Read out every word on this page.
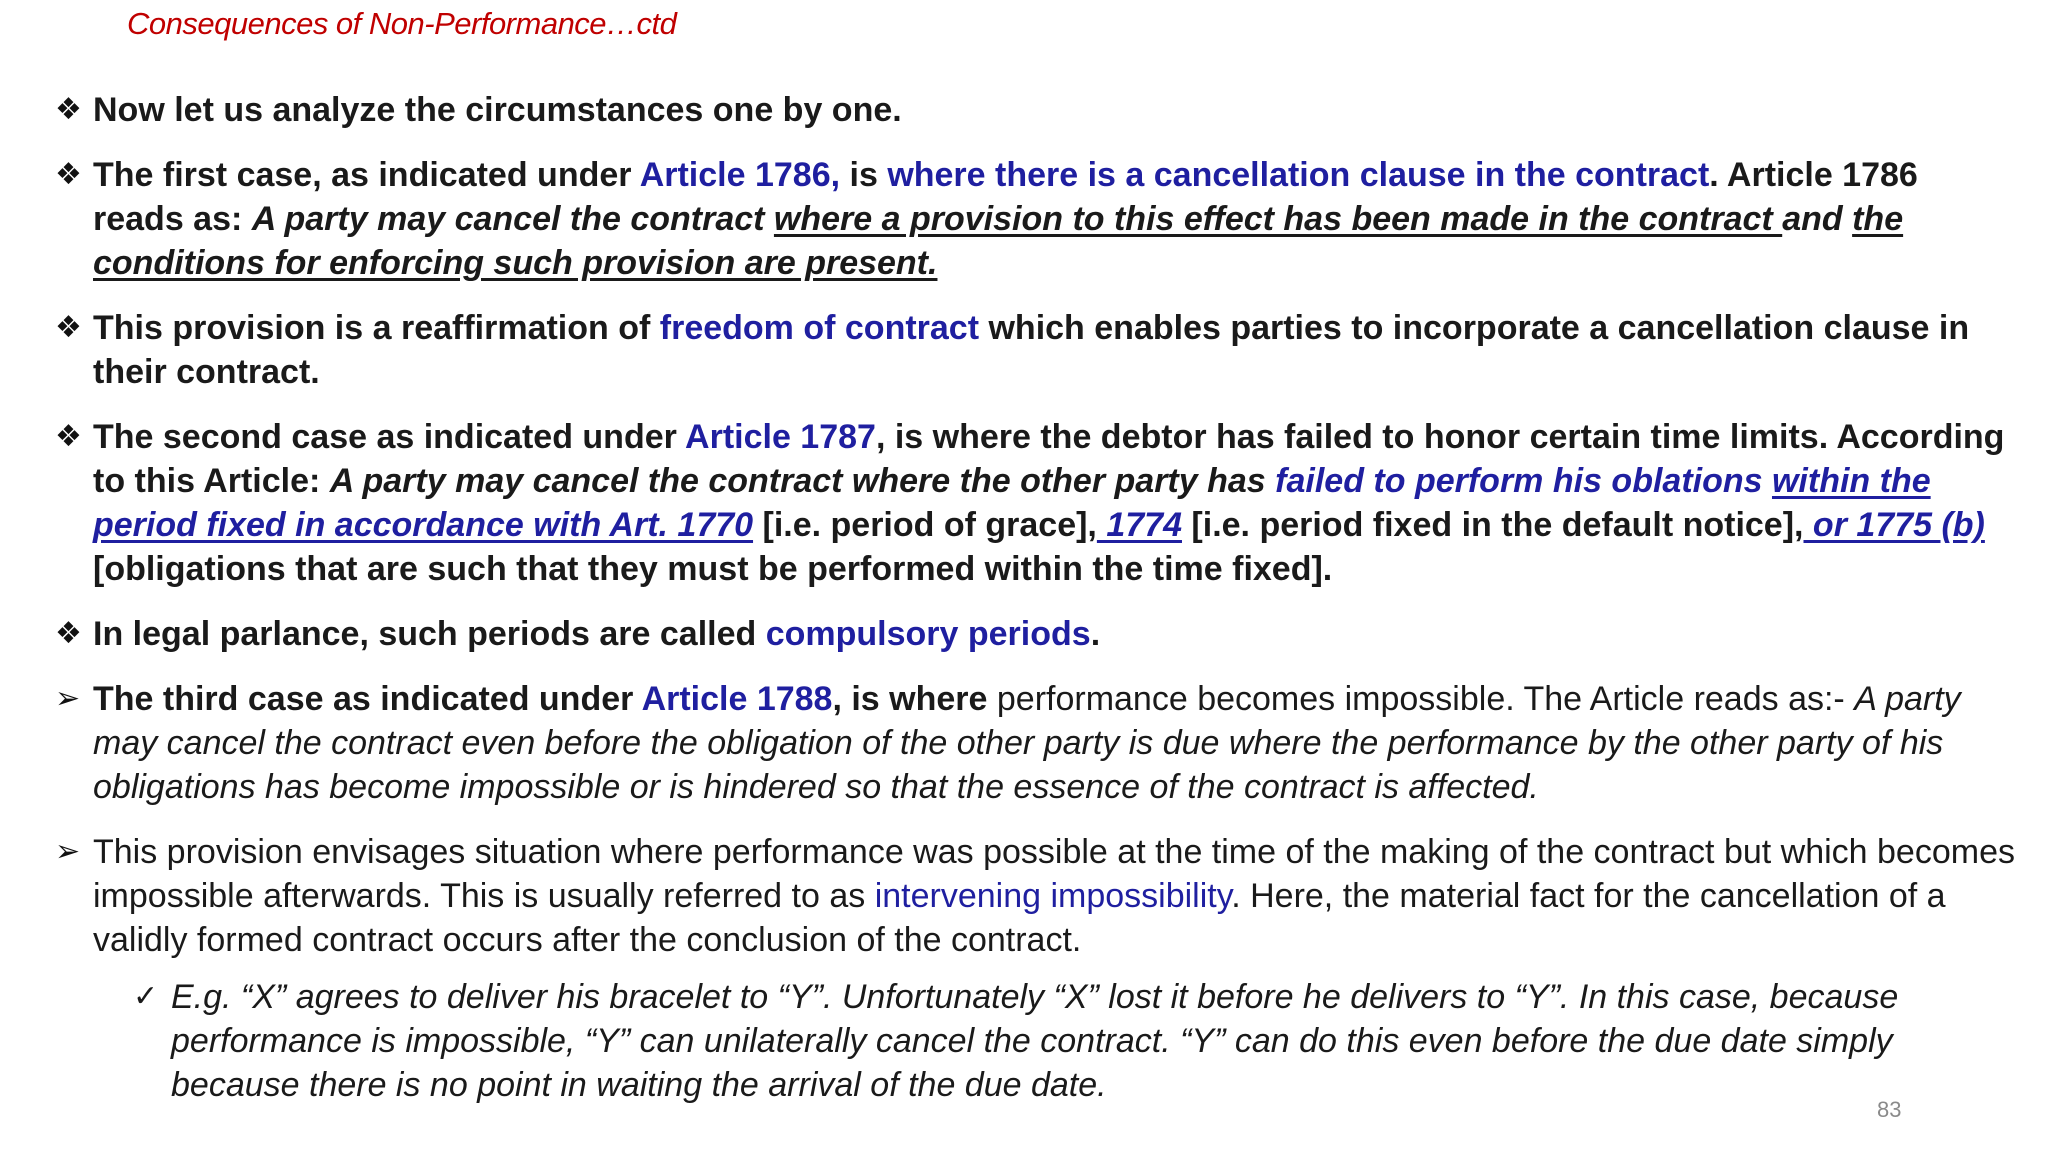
Consequences of Non-Performance…ctd
❖ Now let us analyze the circumstances one by one.
❖ The first case, as indicated under Article 1786, is where there is a cancellation clause in the contract. Article 1786 reads as: A party may cancel the contract where a provision to this effect has been made in the contract and the conditions for enforcing such provision are present.
❖ This provision is a reaffirmation of freedom of contract which enables parties to incorporate a cancellation clause in their contract.
❖ The second case as indicated under Article 1787, is where the debtor has failed to honor certain time limits. According to this Article: A party may cancel the contract where the other party has failed to perform his oblations within the period fixed in accordance with Art. 1770 [i.e. period of grace], 1774 [i.e. period fixed in the default notice], or 1775 (b) [obligations that are such that they must be performed within the time fixed].
❖ In legal parlance, such periods are called compulsory periods.
➢ The third case as indicated under Article 1788, is where performance becomes impossible. The Article reads as:- A party may cancel the contract even before the obligation of the other party is due where the performance by the other party of his obligations has become impossible or is hindered so that the essence of the contract is affected.
➢ This provision envisages situation where performance was possible at the time of the making of the contract but which becomes impossible afterwards. This is usually referred to as intervening impossibility. Here, the material fact for the cancellation of a validly formed contract occurs after the conclusion of the contract.
✓ E.g. “X” agrees to deliver his bracelet to “Y”. Unfortunately “X” lost it before he delivers to “Y”. In this case, because performance is impossible, “Y” can unilaterally cancel the contract. “Y” can do this even before the due date simply because there is no point in waiting the arrival of the due date.
83
